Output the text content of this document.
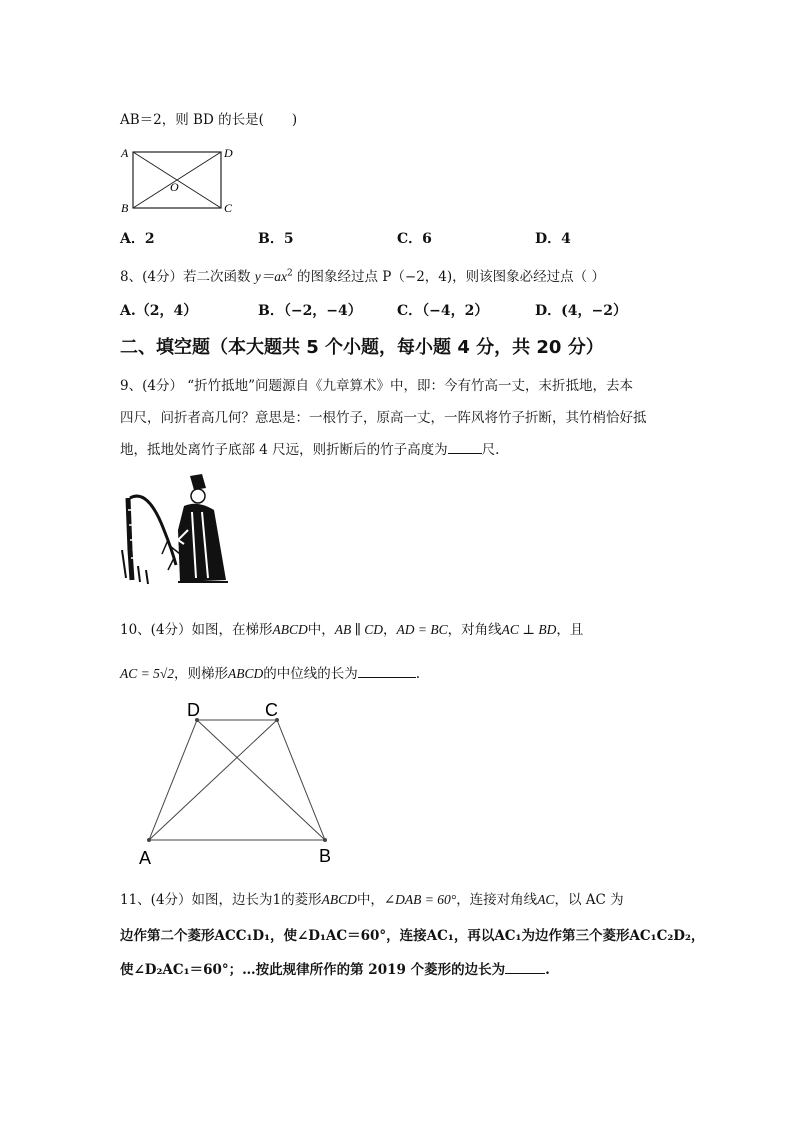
AB＝2，则 BD 的长是( )
A	D
B	C
O
A．2	B．5	C．6	D．4
8、(4分）若二次函数 $y=ax^2$ 的图象经过点 P（−2，4)，则该图象必经过点（ ）
A.（2，4）	B．（−2，−4）	C．（−4，2）	D．(4，−2）
二、填空题（本大题共 5 个小题，每小题 4 分，共 20 分）
9、(4分） “折竹抵地”问题源自《九章算术》中，即：今有竹高一丈，末折抵地，去本
四尺，问折者高几何？意思是：一根竹子，原高一丈，一阵风将竹子折断，其竹梢恰好抵
地，抵地处离竹子底部 4 尺远，则折断后的竹子高度为	尺.
10、(4分）如图，在梯形ABCD中，AB ∥ CD，AD = BC，对角线AC ⊥ BD，且
AC = 5√2，则梯形ABCD的中位线的长为	.
D	C
A	B
11、(4分）如图，边长为1的菱形ABCD中，∠DAB = 60°，连接对角线AC，以 AC 为
边作第二个菱形ACC₁D₁，使∠D₁AC＝60°，连接AC₁，再以AC₁为边作第三个菱形AC₁C₂D₂，
使∠D₂AC₁＝60°；…按此规律所作的第 2019 个菱形的边长为	.
